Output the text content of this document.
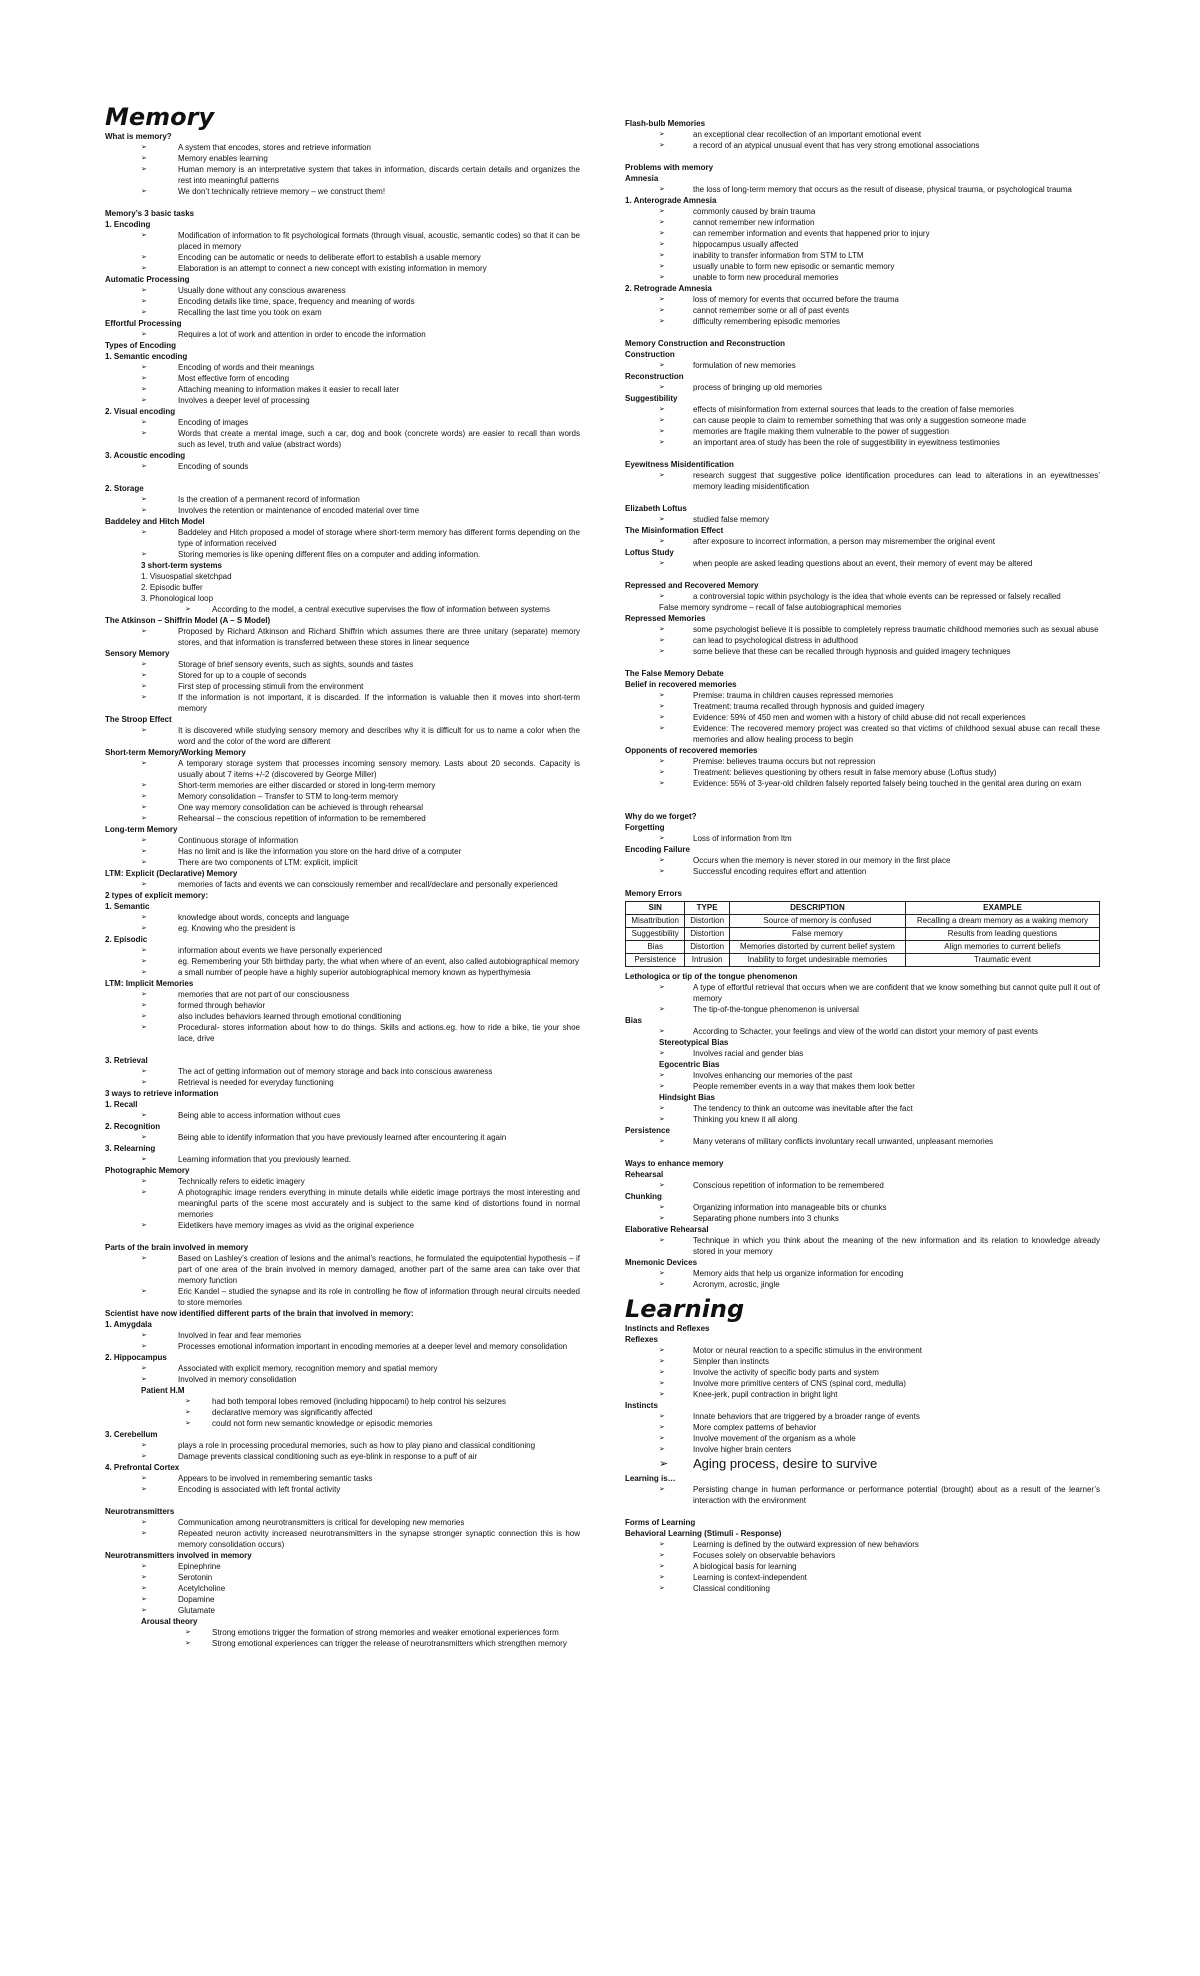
Memory
What is memory?
➢ A system that encodes, stores and retrieve information
➢ Memory enables learning
➢ Human memory is an interpretative system that takes in information, discards certain details and organizes the rest into meaningful patterns
➢ We don’t technically retrieve memory – we construct them!
Memory’s 3 basic tasks
1. Encoding
➢ Modification of information to fit psychological formats (through visual, acoustic, semantic codes) so that it can be placed in memory
➢ Encoding can be automatic or needs to deliberate effort to establish a usable memory
➢ Elaboration is an attempt to connect a new concept with existing information in memory
Automatic Processing
➢ Usually done without any conscious awareness
➢ Encoding details like time, space, frequency and meaning of words
➢ Recalling the last time you took on exam
Effortful Processing
➢ Requires a lot of work and attention in order to encode the information
Types of Encoding
1. Semantic encoding
➢ Encoding of words and their meanings
➢ Most effective form of encoding
➢ Attaching meaning to information makes it easier to recall later
➢ Involves a deeper level of processing
2. Visual encoding
➢ Encoding of images
➢ Words that create a mental image, such a car, dog and book (concrete words) are easier to recall than words such as level, truth and value (abstract words)
3. Acoustic encoding
➢ Encoding of sounds
2. Storage
➢ Is the creation of a permanent record of information
➢ Involves the retention or maintenance of encoded material over time
Baddeley and Hitch Model
➢ Baddeley and Hitch proposed a model of storage where short-term memory has different forms depending on the type of information received
➢ Storing memories is like opening different files on a computer and adding information.
3 short-term systems
1. Visuospatial sketchpad
2. Episodic buffer
3. Phonological loop
➢ According to the model, a central executive supervises the flow of information between systems
The Atkinson – Shiffrin Model (A – S Model)
➢ Proposed by Richard Atkinson and Richard Shiffrin which assumes there are three unitary (separate) memory stores, and that information is transferred between these stores in linear sequence
Sensory Memory
➢ Storage of brief sensory events, such as sights, sounds and tastes
➢ Stored for up to a couple of seconds
➢ First step of processing stimuli from the environment
➢ If the information is not important, it is discarded. If the information is valuable then it moves into short-term memory
The Stroop Effect
➢ It is discovered while studying sensory memory and describes why it is difficult for us to name a color when the word and the color of the word are different
Short-term Memory/Working Memory
➢ A temporary storage system that processes incoming sensory memory. Lasts about 20 seconds. Capacity is usually about 7 items +/-2 (discovered by George Miller)
➢ Short-term memories are either discarded or stored in long-term memory
➢ Memory consolidation – Transfer to STM to long-term memory
➢ One way memory consolidation can be achieved is through rehearsal
➢ Rehearsal – the conscious repetition of information to be remembered
Long-term Memory
➢ Continuous storage of information
➢ Has no limit and is like the information you store on the hard drive of a computer
➢ There are two components of LTM: explicit, implicit
LTM: Explicit (Declarative) Memory
➢ memories of facts and events we can consciously remember and recall/declare and personally experienced
2 types of explicit memory:
1. Semantic
➢ knowledge about words, concepts and language
➢ eg. Knowing who the president is
2. Episodic
➢ information about events we have personally experienced
➢ eg. Remembering your 5th birthday party, the what when where of an event, also called autobiographical memory
➢ a small number of people have a highly superior autobiographical memory known as hyperthymesia
LTM: Implicit Memories
➢ memories that are not part of our consciousness
➢ formed through behavior
➢ also includes behaviors learned through emotional conditioning
➢ Procedural- stores information about how to do things. Skills and actions.eg. how to ride a bike, tie your shoe lace, drive
3. Retrieval
➢ The act of getting information out of memory storage and back into conscious awareness
➢ Retrieval is needed for everyday functioning
3 ways to retrieve information
1. Recall
➢ Being able to access information without cues
2. Recognition
➢ Being able to identify information that you have previously learned after encountering it again
3. Relearning
➢ Learning information that you previously learned.
Photographic Memory
➢ Technically refers to eidetic imagery
➢ A photographic image renders everything in minute details while eidetic image portrays the most interesting and meaningful parts of the scene most accurately and is subject to the same kind of distortions found in normal memories
➢ Eidetikers have memory images as vivid as the original experience
Parts of the brain involved in memory
➢ Based on Lashley’s creation of lesions and the animal’s reactions, he formulated the equipotential hypothesis – if part of one area of the brain involved in memory damaged, another part of the same area can take over that memory function
➢ Eric Kandel – studied the synapse and its role in controlling he flow of information through neural circuits needed to store memories
Scientist have now identified different parts of the brain that involved in memory:
1. Amygdala
➢ Involved in fear and fear memories
➢ Processes emotional information important in encoding memories at a deeper level and memory consolidation
2. Hippocampus
➢ Associated with explicit memory, recognition memory and spatial memory
➢ Involved in memory consolidation
Patient H.M
➢ had both temporal lobes removed (including hippocami) to help control his seizures
➢ declarative memory was significantly affected
➢ could not form new semantic knowledge or episodic memories
3. Cerebellum
➢ plays a role in processing procedural memories, such as how to play piano and classical conditioning
➢ Damage prevents classical conditioning such as eye-blink in response to a puff of air
4. Prefrontal Cortex
➢ Appears to be involved in remembering semantic tasks
➢ Encoding is associated with left frontal activity
Neurotransmitters
➢ Communication among neurotransmitters is critical for developing new memories
➢ Repeated neuron activity increased neurotransmitters in the synapse stronger synaptic connection this is how memory consolidation occurs)
Neurotransmitters involved in memory
➢ Epinephrine
➢ Serotonin
➢ Acetylcholine
➢ Dopamine
➢ Glutamate
Arousal theory
➢ Strong emotions trigger the formation of strong memories and weaker emotional experiences form
➢ Strong emotional experiences can trigger the release of neurotransmitters which strengthen memory
Flash-bulb Memories
➢ an exceptional clear recollection of an important emotional event
➢ a record of an atypical unusual event that has very strong emotional associations
Problems with memory
Amnesia
➢ the loss of long-term memory that occurs as the result of disease, physical trauma, or psychological trauma
1. Anterograde Amnesia
➢ commonly caused by brain trauma
➢ cannot remember new information
➢ can remember information and events that happened prior to injury
➢ hippocampus usually affected
➢ inability to transfer information from STM to LTM
➢ usually unable to form new episodic or semantic memory
➢ unable to form new procedural memories
2. Retrograde Amnesia
➢ loss of memory for events that occurred before the trauma
➢ cannot remember some or all of past events
➢ difficulty remembering episodic memories
Memory Construction and Reconstruction
Construction
➢ formulation of new memories
Reconstruction
➢ process of bringing up old memories
Suggestibility
➢ effects of misinformation from external sources that leads to the creation of false memories
➢ can cause people to claim to remember something that was only a suggestion someone made
➢ memories are fragile making them vulnerable to the power of suggestion
➢ an important area of study has been the role of suggestibility in eyewitness testimonies
Eyewitness Misidentification
➢ research suggest that suggestive police identification procedures can lead to alterations in an eyewitnesses’ memory leading misidentification
Elizabeth Loftus
➢ studied false memory
The Misinformation Effect
➢ after exposure to incorrect information, a person may misremember the original event
Loftus Study
➢ when people are asked leading questions about an event, their memory of event may be altered
Repressed and Recovered Memory
➢ a controversial topic within psychology is the idea that whole events can be repressed or falsely recalled
False memory syndrome – recall of false autobiographical memories
Repressed Memories
➢ some psychologist believe it is possible to completely repress traumatic childhood memories such as sexual abuse
➢ can lead to psychological distress in adulthood
➢ some believe that these can be recalled through hypnosis and guided imagery techniques
The False Memory Debate
Belief in recovered memories
➢ Premise: trauma in children causes repressed memories
➢ Treatment: trauma recalled through hypnosis and guided imagery
➢ Evidence: 59% of 450 men and women with a history of child abuse did not recall experiences
➢ Evidence: The recovered memory project was created so that victims of childhood sexual abuse can recall these memories and allow healing process to begin
Opponents of recovered memories
➢ Premise: believes trauma occurs but not repression
➢ Treatment: believes questioning by others result in false memory abuse (Loftus study)
➢ Evidence: 55% of 3-year-old children falsely reported falsely being touched in the genital area during on exam
Why do we forget?
Forgetting
➢ Loss of information from ltm
Encoding Failure
➢ Occurs when the memory is never stored in our memory in the first place
➢ Successful encoding requires effort and attention
Memory Errors
SIN	TYPE	DESCRIPTION	EXAMPLE
Misattribution	Distortion	Source of memory is confused	Recalling a dream memory as a waking memory
Suggestibility	Distortion	False memory	Results from leading questions
Bias	Distortion	Memories distorted by current belief system	Align memories to current beliefs
Persistence	Intrusion	Inability to forget undesirable memories	Traumatic event
Lethologica or tip of the tongue phenomenon
➢ A type of effortful retrieval that occurs when we are confident that we know something but cannot quite pull it out of memory
➢ The tip-of-the-tongue phenomenon is universal
Bias
➢ According to Schacter, your feelings and view of the world can distort your memory of past events
Stereotypical Bias
➢ Involves racial and gender bias
Egocentric Bias
➢ Involves enhancing our memories of the past
➢ People remember events in a way that makes them look better
Hindsight Bias
➢ The tendency to think an outcome was inevitable after the fact
➢ Thinking you knew it all along
Persistence
➢ Many veterans of military conflicts involuntary recall unwanted, unpleasant memories
Ways to enhance memory
Rehearsal
➢ Conscious repetition of information to be remembered
Chunking
➢ Organizing information into manageable bits or chunks
➢ Separating phone numbers into 3 chunks
Elaborative Rehearsal
➢ Technique in which you think about the meaning of the new information and its relation to knowledge already stored in your memory
Mnemonic Devices
➢ Memory aids that help us organize information for encoding
➢ Acronym, acrostic, jingle
Learning
Instincts and Reflexes
Reflexes
➢ Motor or neural reaction to a specific stimulus in the environment
➢ Simpler than instincts
➢ Involve the activity of specific body parts and system
➢ Involve more primitive centers of CNS (spinal cord, medulla)
➢ Knee-jerk, pupil contraction in bright light
Instincts
➢ Innate behaviors that are triggered by a broader range of events
➢ More complex patterns of behavior
➢ Involve movement of the organism as a whole
➢ Involve higher brain centers
➢ Aging process, desire to survive
Learning is…
➢ Persisting change in human performance or performance potential (brought) about as a result of the learner’s interaction with the environment
Forms of Learning
Behavioral Learning (Stimuli - Response)
➢ Learning is defined by the outward expression of new behaviors
➢ Focuses solely on observable behaviors
➢ A biological basis for learning
➢ Learning is context-independent
➢ Classical conditioning
